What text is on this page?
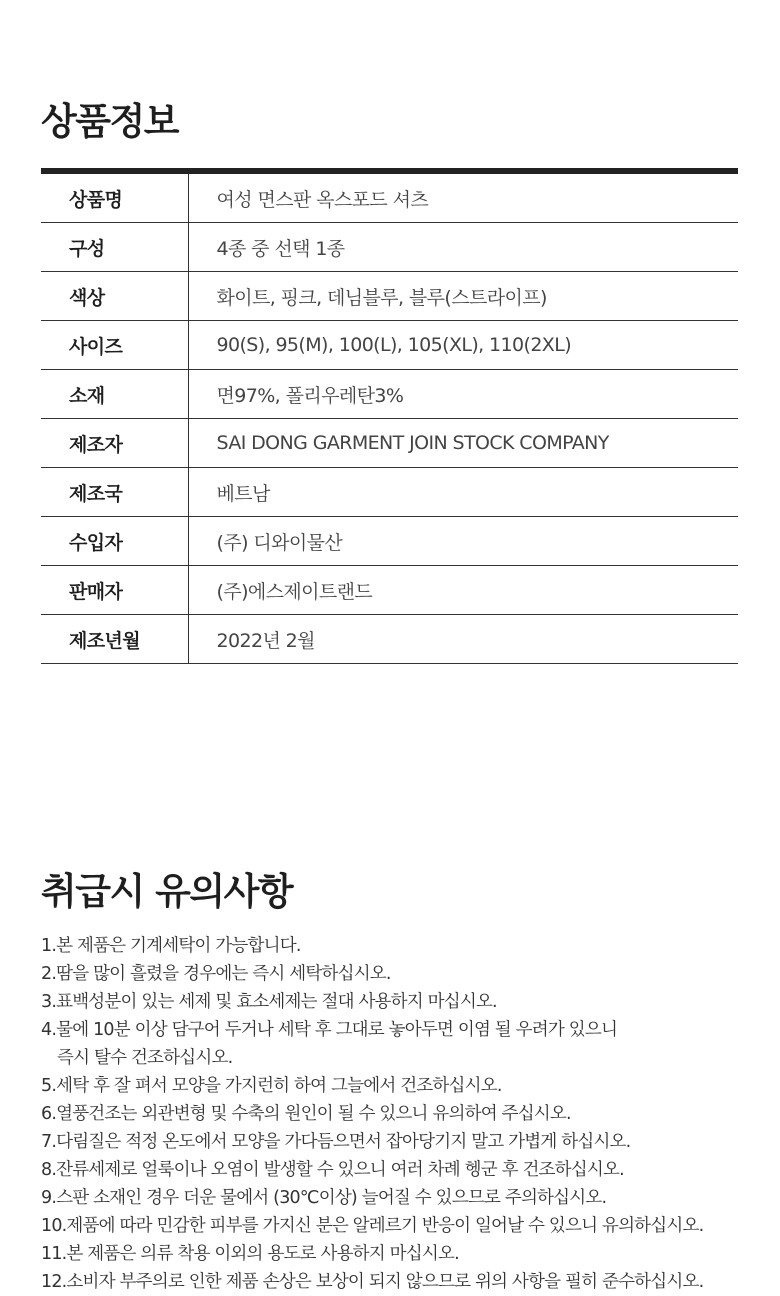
상품정보
상품명	여성 면스판 옥스포드 셔츠
구성	4종 중 선택 1종
색상	화이트, 핑크, 데님블루, 블루(스트라이프)
사이즈	90(S), 95(M), 100(L), 105(XL), 110(2XL)
소재	면97%, 폴리우레탄3%
제조자	SAI DONG GARMENT JOIN STOCK COMPANY
제조국	베트남
수입자	(주) 디와이물산
판매자	(주)에스제이트랜드
제조년월	2022년 2월
취급시 유의사항
1.본 제품은 기계세탁이 가능합니다.
2.땀을 많이 흘렸을 경우에는 즉시 세탁하십시오.
3.표백성분이 있는 세제 및 효소세제는 절대 사용하지 마십시오.
4.물에 10분 이상 담구어 두거나 세탁 후 그대로 놓아두면 이염 될 우려가 있으니
즉시 탈수 건조하십시오.
5.세탁 후 잘 펴서 모양을 가지런히 하여 그늘에서 건조하십시오.
6.열풍건조는 외관변형 및 수축의 원인이 될 수 있으니 유의하여 주십시오.
7.다림질은 적정 온도에서 모양을 가다듬으면서 잡아당기지 말고 가볍게 하십시오.
8.잔류세제로 얼룩이나 오염이 발생할 수 있으니 여러 차례 헹군 후 건조하십시오.
9.스판 소재인 경우 더운 물에서 (30℃이상) 늘어질 수 있으므로 주의하십시오.
10.제품에 따라 민감한 피부를 가지신 분은 알레르기 반응이 일어날 수 있으니 유의하십시오.
11.본 제품은 의류 착용 이외의 용도로 사용하지 마십시오.
12.소비자 부주의로 인한 제품 손상은 보상이 되지 않으므로 위의 사항을 필히 준수하십시오.
